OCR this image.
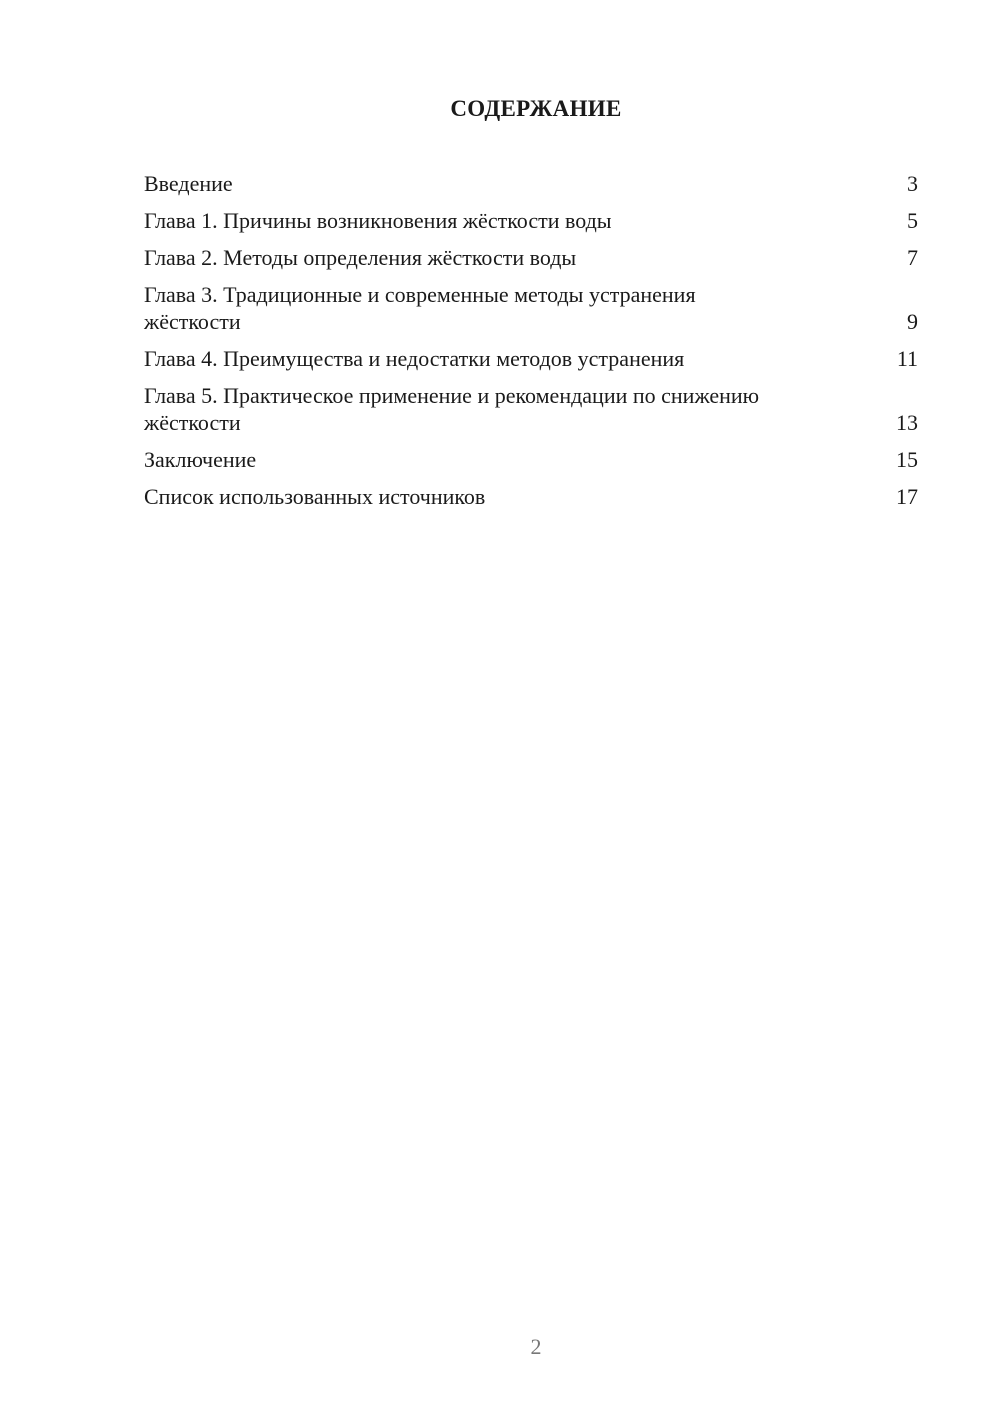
СОДЕРЖАНИЕ
Введение	3
Глава 1. Причины возникновения жёсткости воды	5
Глава 2. Методы определения жёсткости воды	7
Глава 3. Традиционные и современные методы устранения жёсткости	9
Глава 4. Преимущества и недостатки методов устранения	11
Глава 5. Практическое применение и рекомендации по снижению жёсткости	13
Заключение	15
Список использованных источников	17
2
